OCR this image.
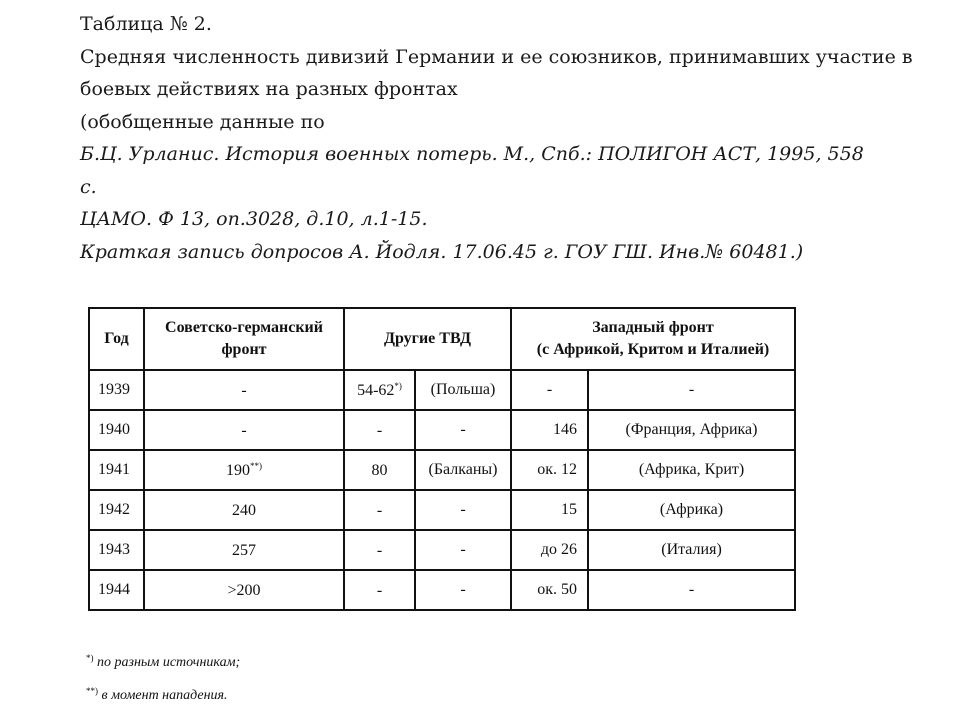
Таблица № 2.
Средняя численность дивизий Германии и ее союзников, принимавших участие в
боевых действиях на разных фронтах
(обобщенные данные по
Б.Ц. Урланис. История военных потерь. М., Спб.: ПОЛИГОН АСТ, 1995, 558
с.
ЦАМО. Ф 13, оп.3028, д.10, л.1-15.
Краткая запись допросов А. Йодля. 17.06.45 г. ГОУ ГШ. Инв.№ 60481.)
Год	Советско-германский фронт	Другие ТВД		Западный фронт
(с Африкой, Критом и Италией)	
1939	-	54-62*)	(Польша)	-	-
1940	-	-	-	146	(Франция, Африка)
1941	190**)	80	(Балканы)	ок. 12	(Африка, Крит)
1942	240	-	-	15	(Африка)
1943	257	-	-	до 26	(Италия)
1944	>200	-	-	ок. 50	-
*) по разным источникам;
**) в момент нападения.
